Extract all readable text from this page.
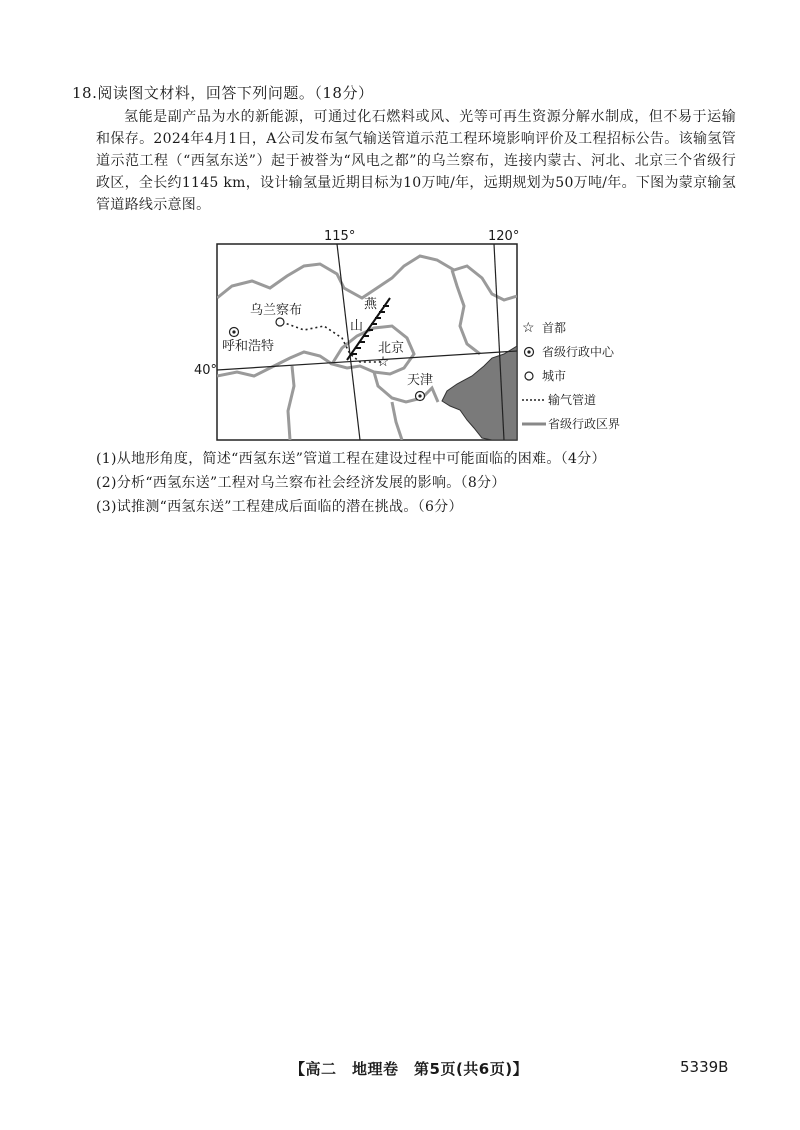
18.阅读图文材料，回答下列问题。（18分）
氢能是副产品为水的新能源，可通过化石燃料或风、光等可再生资源分解水制成，但不易于运输和保存。2024年4月1日，A公司发布氢气输送管道示范工程环境影响评价及工程招标公告。该输氢管道示范工程（“西氢东送”）起于被誉为“风电之都”的乌兰察布，连接内蒙古、河北、北京三个省级行政区，全长约1145 km，设计输氢量近期目标为10万吨/年，远期规划为50万吨/年。下图为蒙京输氢管道路线示意图。
115°	120°
40°
乌兰察布
呼和浩特
燕
山
北京
☆
天津
☆ 首都
省级行政中心
城市
输气管道
省级行政区界
(1)从地形角度，简述“西氢东送”管道工程在建设过程中可能面临的困难。（4分）
(2)分析“西氢东送”工程对乌兰察布社会经济发展的影响。（8分）
(3)试推测“西氢东送”工程建成后面临的潜在挑战。（6分）
【高二　地理卷　第5页(共6页)】	5339B
